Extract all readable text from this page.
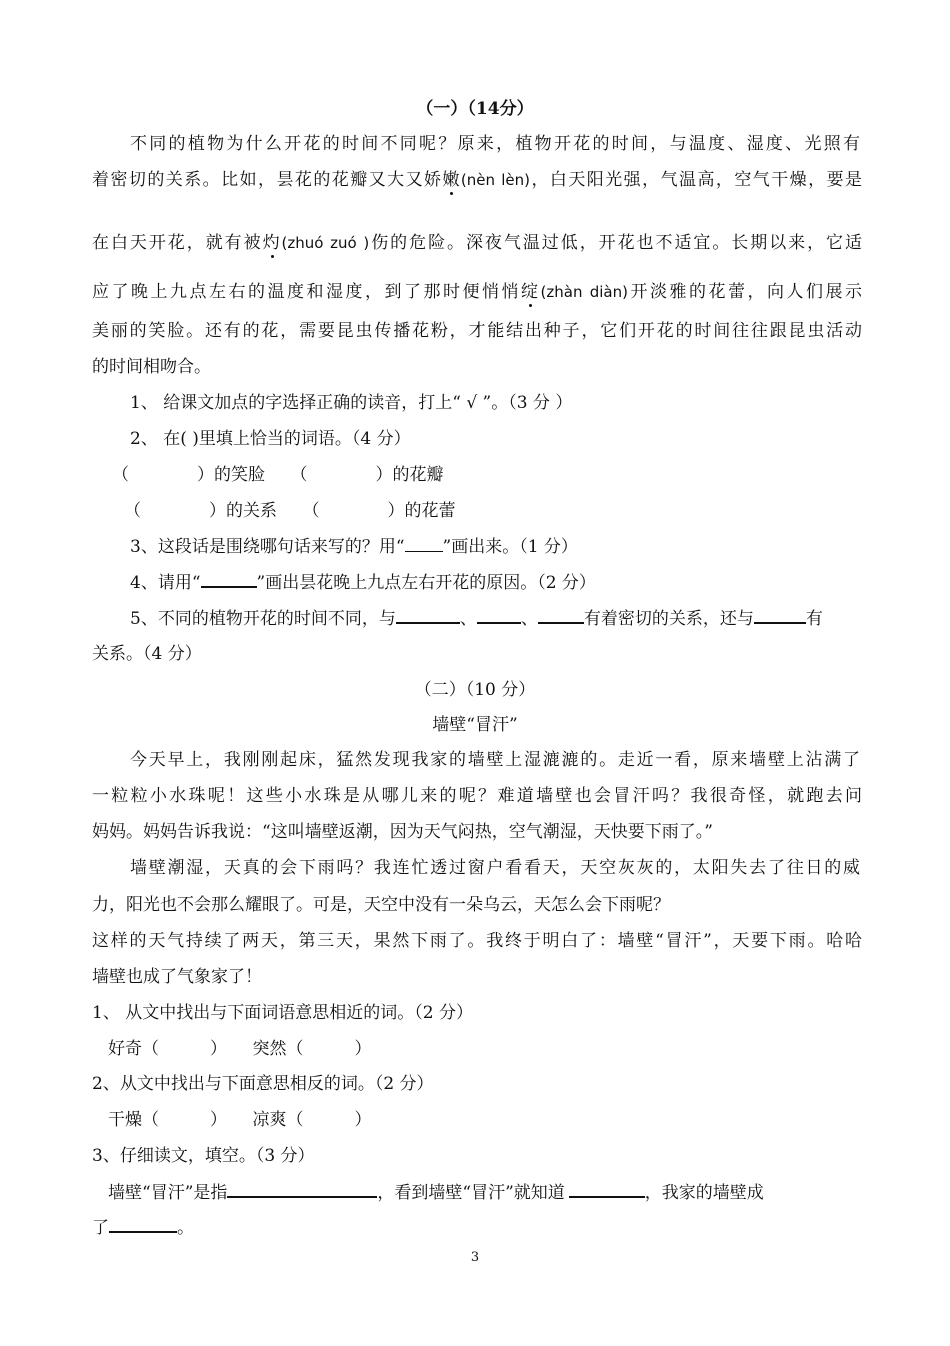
（一）（14分）
不同的植物为什么开花的时间不同呢？原来，植物开花的时间，与温度、湿度、光照有
着密切的关系。比如，昙花的花瓣又大又娇嫩(nèn lèn)，白天阳光强，气温高，空气干燥，要是
在白天开花，就有被灼(zhuó zuó )伤的危险。深夜气温过低，开花也不适宜。长期以来，它适
应了晚上九点左右的温度和湿度，到了那时便悄悄绽(zhàn diàn)开淡雅的花蕾，向人们展示
美丽的笑脸。还有的花，需要昆虫传播花粉，才能结出种子，它们开花的时间往往跟昆虫活动
的时间相吻合。
1、 给课文加点的字选择正确的读音，打上“ √ ”。（3 分 ）
2、 在( )里填上恰当的词语。（4 分）
（　　　　）的笑脸　　（　　　　）的花瓣
（　　　　）的关系　　（　　　　）的花蕾
3、这段话是围绕哪句话来写的？用“ ”画出来。（1 分）
4、请用“	”画出昙花晚上九点左右开花的原因。（2 分）
5、不同的植物开花的时间不同，与	、	、	有着密切的关系，还与	有
关系。（4 分）
（二）（10 分）
墙壁“冒汗”
今天早上，我刚刚起床，猛然发现我家的墙壁上湿漉漉的。走近一看，原来墙壁上沾满了
一粒粒小水珠呢！这些小水珠是从哪儿来的呢？难道墙壁也会冒汗吗？我很奇怪，就跑去问
妈妈。妈妈告诉我说：“这叫墙壁返潮，因为天气闷热，空气潮湿，天快要下雨了。”
墙壁潮湿，天真的会下雨吗？我连忙透过窗户看看天，天空灰灰的，太阳失去了往日的威
力，阳光也不会那么耀眼了。可是，天空中没有一朵乌云，天怎么会下雨呢？
这样的天气持续了两天，第三天，果然下雨了。我终于明白了：墙壁“冒汗”，天要下雨。哈哈
墙壁也成了气象家了！
1、 从文中找出与下面词语意思相近的词。（2 分）
好奇（　　　）　　突然（　　　）
2、从文中找出与下面意思相反的词。（2 分）
干燥（　　　）　　凉爽（　　　）
3、仔细读文，填空。（3 分）
墙壁“冒汗”是指	，看到墙壁“冒汗”就知道	，我家的墙壁成
了	。
3
